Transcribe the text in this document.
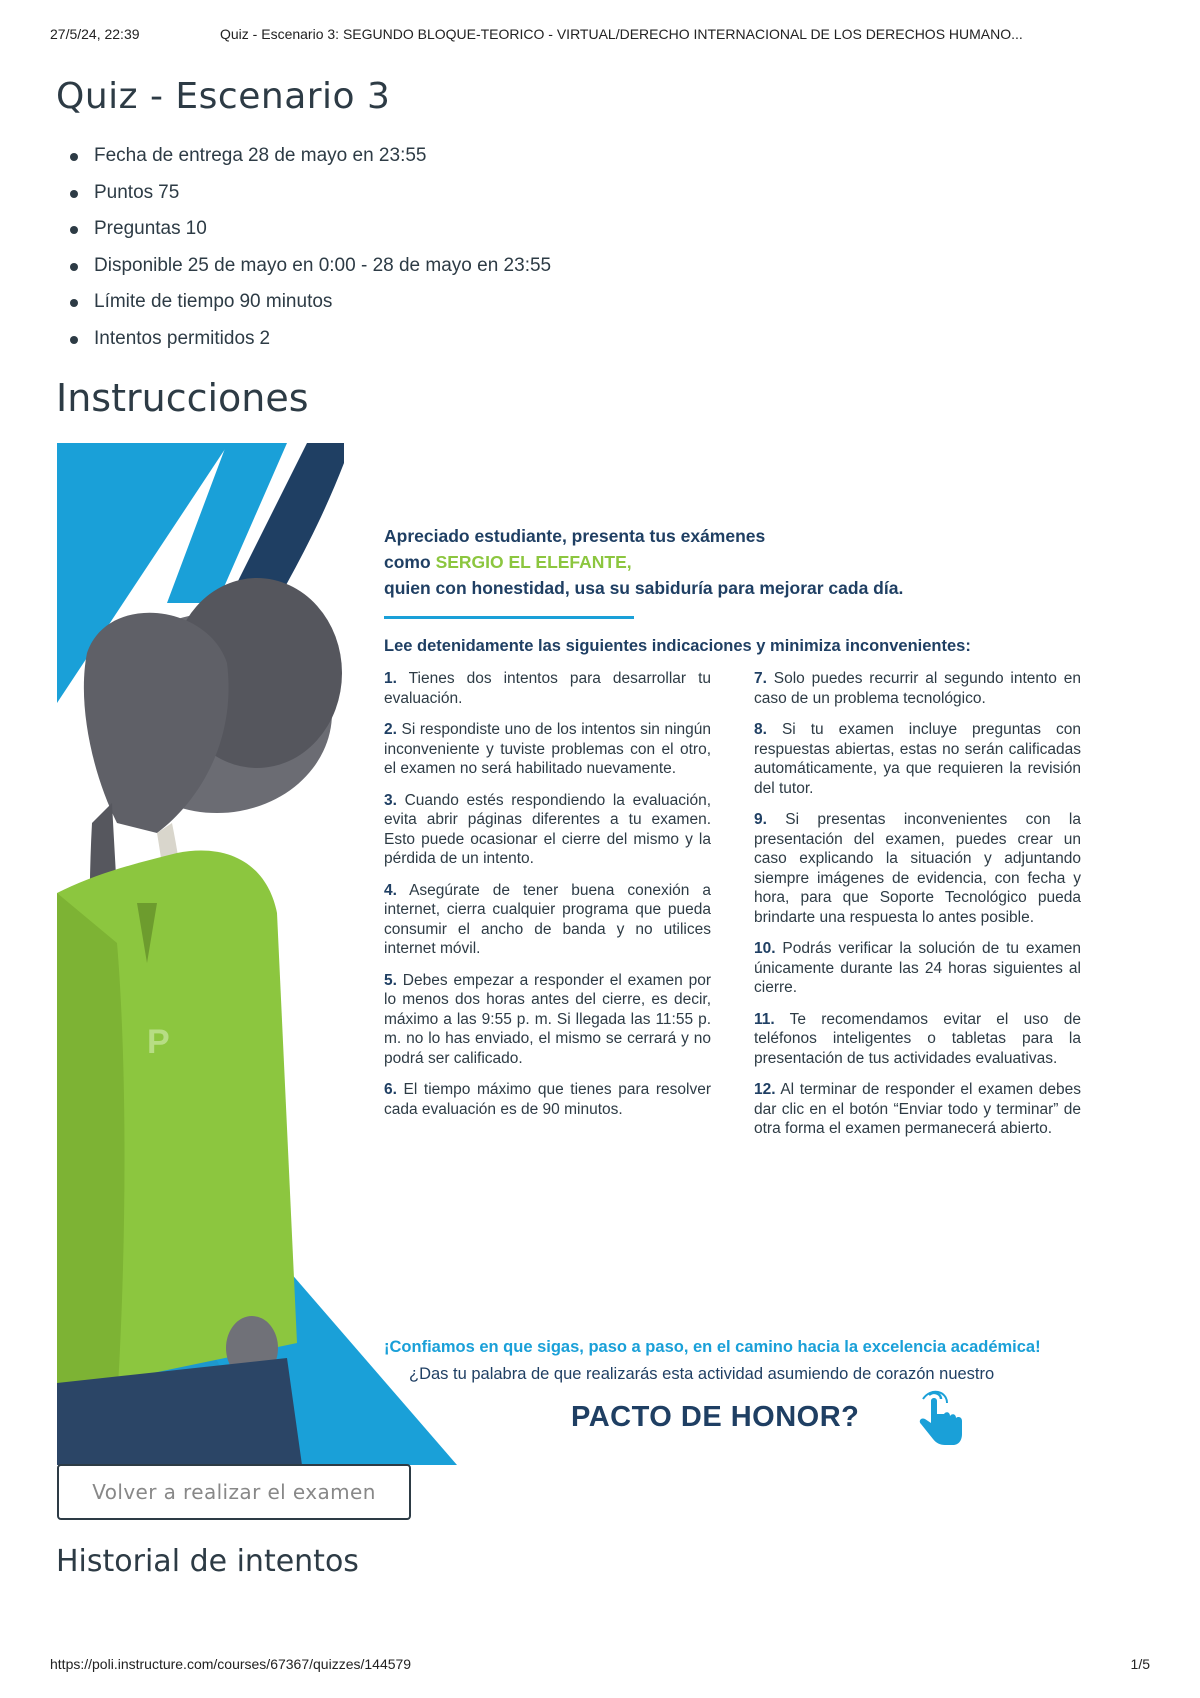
27/5/24, 22:39	Quiz - Escenario 3: SEGUNDO BLOQUE-TEORICO - VIRTUAL/DERECHO INTERNACIONAL DE LOS DERECHOS HUMANO...
Quiz - Escenario 3
Fecha de entrega 28 de mayo en 23:55
Puntos 75
Preguntas 10
Disponible 25 de mayo en 0:00 - 28 de mayo en 23:55
Límite de tiempo 90 minutos
Intentos permitidos 2
Instrucciones
P
Apreciado estudiante, presenta tus exámenes
como SERGIO EL ELEFANTE,
quien con honestidad, usa su sabiduría para mejorar cada día.
Lee detenidamente las siguientes indicaciones y minimiza inconvenientes:

1. Tienes dos intentos para desarrollar tu evaluación.

2. Si respondiste uno de los intentos sin ningún inconveniente y tuviste problemas con el otro, el examen no será habilitado nuevamente.

3. Cuando estés respondiendo la evaluación, evita abrir páginas diferentes a tu examen. Esto puede ocasionar el cierre del mismo y la pérdida de un intento.

4. Asegúrate de tener buena conexión a internet, cierra cualquier programa que pueda consumir el ancho de banda y no utilices internet móvil.

5. Debes empezar a responder el examen por lo menos dos horas antes del cierre, es decir, máximo a las 9:55 p. m. Si llegada las 11:55 p. m. no lo has enviado, el mismo se cerrará y no podrá ser calificado.

6. El tiempo máximo que tienes para resolver cada evaluación es de 90 minutos.

7. Solo puedes recurrir al segundo intento en caso de un problema tecnológico.

8. Si tu examen incluye preguntas con respuestas abiertas, estas no serán calificadas automáticamente, ya que requieren la revisión del tutor.

9. Si presentas inconvenientes con la presentación del examen, puedes crear un caso explicando la situación y adjuntando siempre imágenes de evidencia, con fecha y hora, para que Soporte Tecnológico pueda brindarte una respuesta lo antes posible.

10. Podrás verificar la solución de tu examen únicamente durante las 24 horas siguientes al cierre.

11. Te recomendamos evitar el uso de teléfonos inteligentes o tabletas para la presentación de tus actividades evaluativas.

12. Al terminar de responder el examen debes dar clic en el botón “Enviar todo y terminar” de otra forma el examen permanecerá abierto.

¡Confiamos en que sigas, paso a paso, en el camino hacia la excelencia académica!
¿Das tu palabra de que realizarás esta actividad asumiendo de corazón nuestro
PACTO DE HONOR?
Volver a realizar el examen
Historial de intentos
https://poli.instructure.com/courses/67367/quizzes/144579	1/5
